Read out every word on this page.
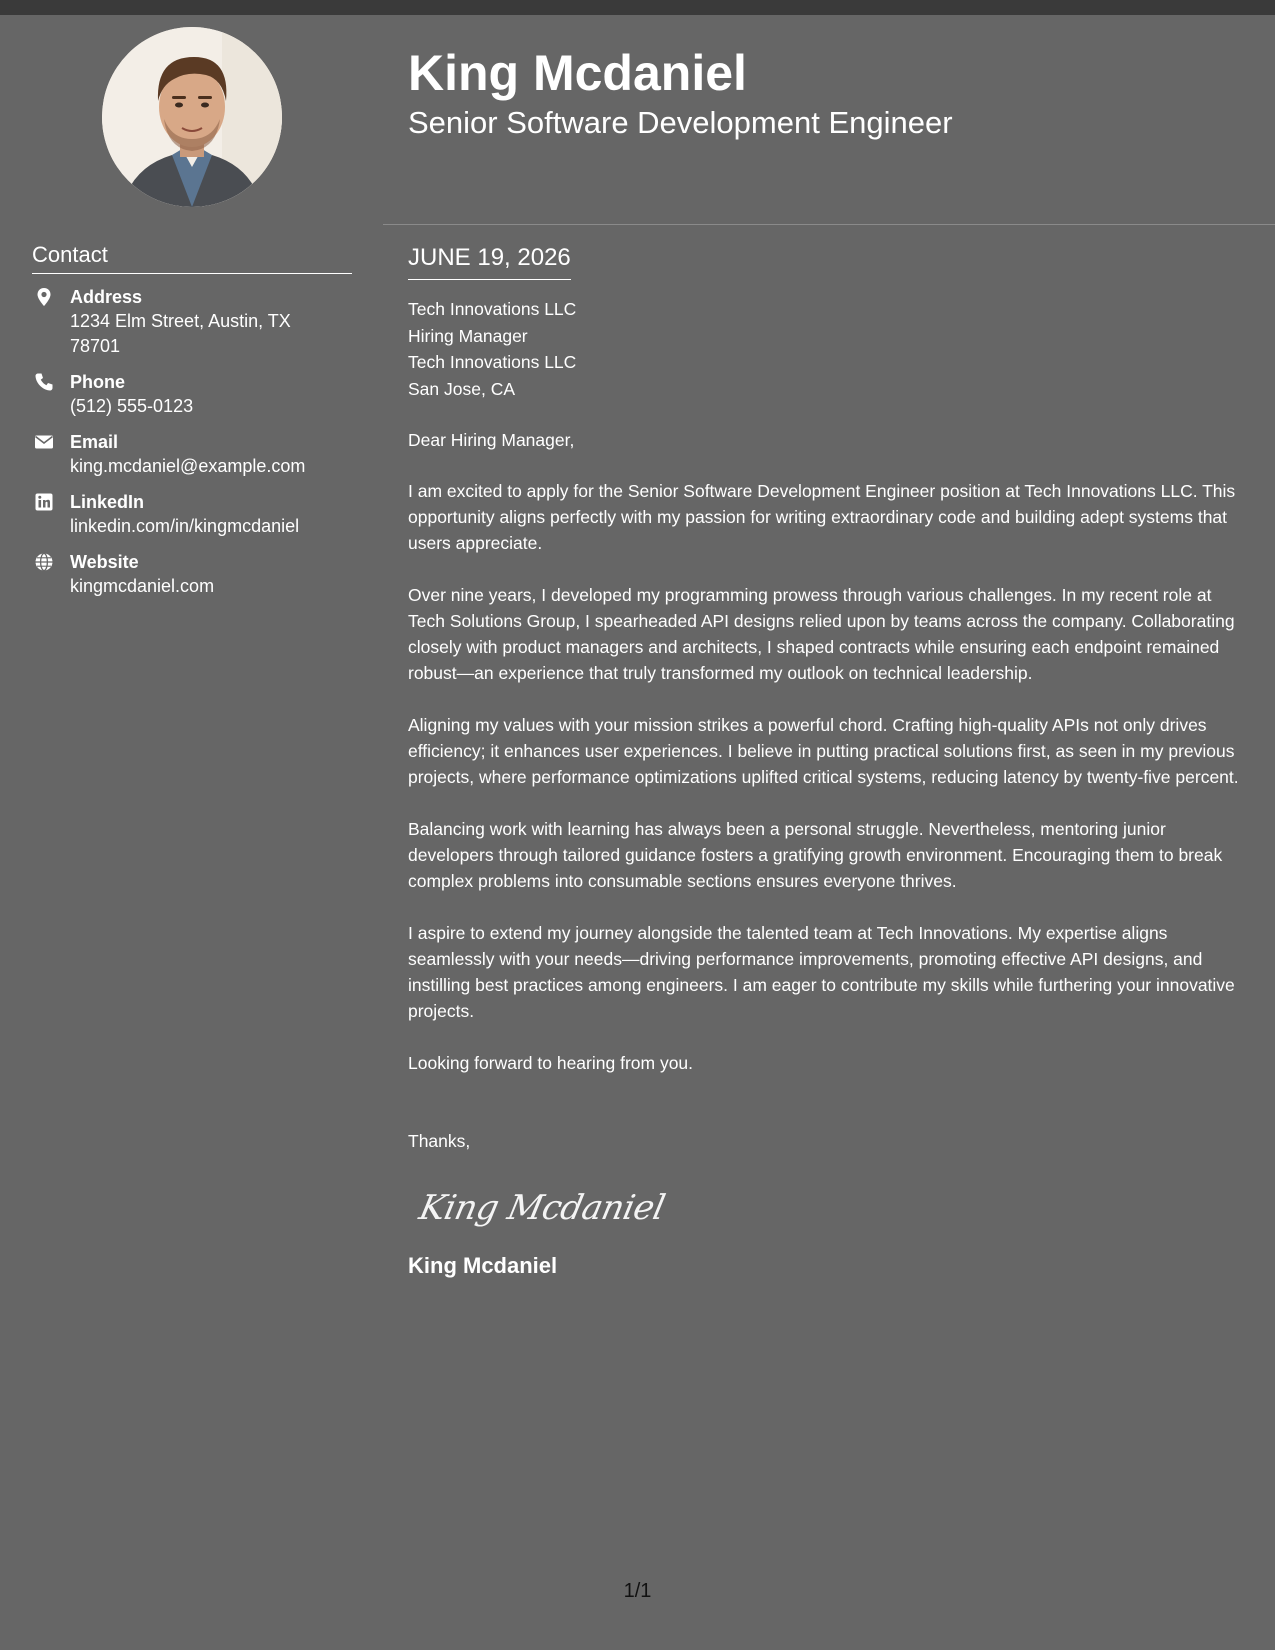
Contact
Address
1234 Elm Street, Austin, TX 78701
Phone
(512) 555-0123
Email
king.mcdaniel@example.com
LinkedIn
linkedin.com/in/kingmcdaniel
Website
kingmcdaniel.com
King Mcdaniel
Senior Software Development Engineer
JUNE 19, 2026
Tech Innovations LLC
Hiring Manager
Tech Innovations LLC
San Jose, CA
Dear Hiring Manager,

I am excited to apply for the Senior Software Development Engineer position at Tech Innovations LLC. This opportunity aligns perfectly with my passion for writing extraordinary code and building adept systems that users appreciate.

Over nine years, I developed my programming prowess through various challenges. In my recent role at Tech Solutions Group, I spearheaded API designs relied upon by teams across the company. Collaborating closely with product managers and architects, I shaped contracts while ensuring each endpoint remained robust—an experience that truly transformed my outlook on technical leadership.

Aligning my values with your mission strikes a powerful chord. Crafting high-quality APIs not only drives efficiency; it enhances user experiences. I believe in putting practical solutions first, as seen in my previous projects, where performance optimizations uplifted critical systems, reducing latency by twenty-five percent.

Balancing work with learning has always been a personal struggle. Nevertheless, mentoring junior developers through tailored guidance fosters a gratifying growth environment. Encouraging them to break complex problems into consumable sections ensures everyone thrives.

I aspire to extend my journey alongside the talented team at Tech Innovations. My expertise aligns seamlessly with your needs—driving performance improvements, promoting effective API designs, and instilling best practices among engineers. I am eager to contribute my skills while furthering your innovative projects.

Looking forward to hearing from you.

Thanks,
King Mcdaniel
King Mcdaniel
1/1
